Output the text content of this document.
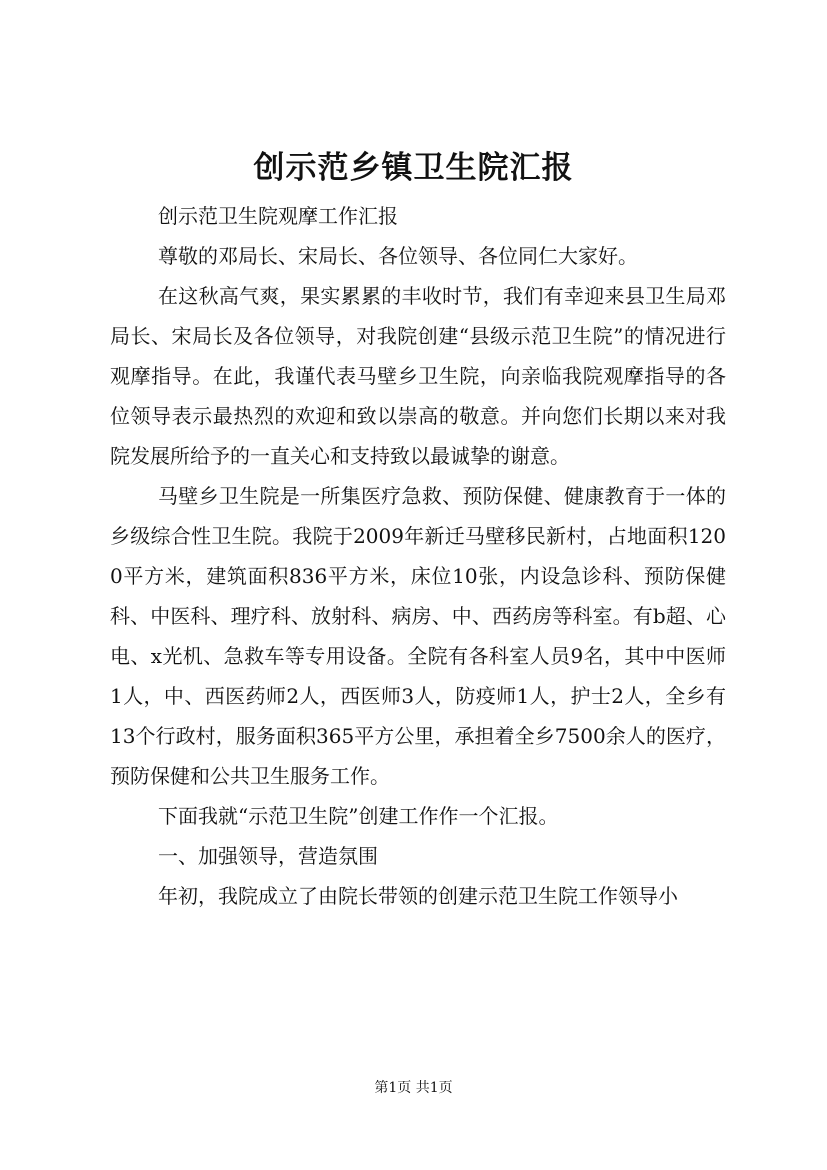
创示范乡镇卫生院汇报

创示范卫生院观摩工作汇报

尊敬的邓局长、宋局长、各位领导、各位同仁大家好。

在这秋高气爽，果实累累的丰收时节，我们有幸迎来县卫生局邓局长、宋局长及各位领导，对我院创建“县级示范卫生院”的情况进行观摩指导。在此，我谨代表马壁乡卫生院，向亲临我院观摩指导的各位领导表示最热烈的欢迎和致以崇高的敬意。并向您们长期以来对我院发展所给予的一直关心和支持致以最诚挚的谢意。

马壁乡卫生院是一所集医疗急救、预防保健、健康教育于一体的乡级综合性卫生院。我院于2009年新迁马壁移民新村，占地面积1200平方米，建筑面积836平方米，床位10张，内设急诊科、预防保健科、中医科、理疗科、放射科、病房、中、西药房等科室。有b超、心电、x光机、急救车等专用设备。全院有各科室人员9名，其中中医师1人，中、西医药师2人，西医师3人，防疫师1人，护士2人，全乡有13个行政村，服务面积365平方公里，承担着全乡7500余人的医疗，预防保健和公共卫生服务工作。

下面我就“示范卫生院”创建工作作一个汇报。

一、加强领导，营造氛围

年初，我院成立了由院长带领的创建示范卫生院工作领导小

第1页 共1页
